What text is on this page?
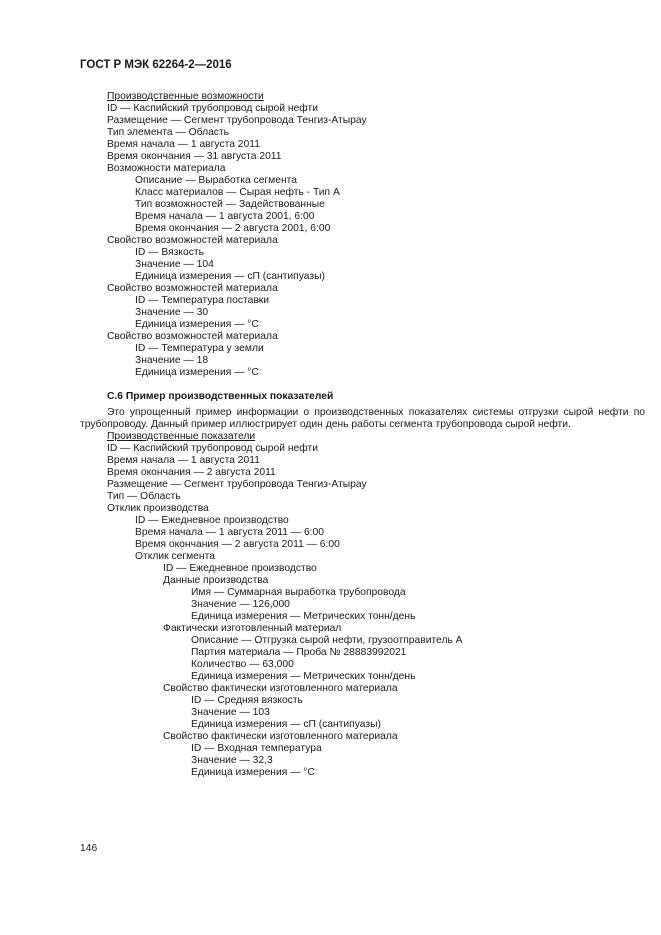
ГОСТ Р МЭК 62264-2—2016
Производственные возможности
ID — Каспийский трубопровод сырой нефти
Размещение — Сегмент трубопровода Тенгиз-Атырау
Тип элемента — Область
Время начала — 1 августа 2011
Время окончания — 31 августа 2011
Возможности материала
Описание — Выработка сегмента
Класс материалов — Сырая нефть - Тип A
Тип возможностей — Задействованные
Время начала — 1 августа 2001, 6:00
Время окончания — 2 августа 2001, 6:00
Свойство возможностей материала
ID — Вязкость
Значение — 104
Единица измерения — сП (сантипуазы)
Свойство возможностей материала
ID — Температура поставки
Значение — 30
Единица измерения — °C
Свойство возможностей материала
ID — Температура у земли
Значение — 18
Единица измерения — °C
С.6 Пример производственных показателей
Это упрощенный пример информации о производственных показателях системы отгрузки сырой нефти по
трубопроводу. Данный пример иллюстрирует один день работы сегмента трубопровода сырой нефти.
Производственные показатели
ID — Каспийский трубопровод сырой нефти
Время начала — 1 августа 2011
Время окончания — 2 августа 2011
Размещение — Сегмент трубопровода Тенгиз-Атырау
Тип — Область
Отклик производства
ID — Ежедневное производство
Время начала — 1 августа 2011 — 6:00
Время окончания — 2 августа 2011 — 6:00
Отклик сегмента
ID — Ежедневное производство
Данные производства
Имя — Суммарная выработка трубопровода
Значение — 126,000
Единица измерения — Метрических тонн/день
Фактически изготовленный материал
Описание — Отгрузка сырой нефти, грузоотправитель A
Партия материала — Проба № 28883992021
Количество — 63,000
Единица измерения — Метрических тонн/день
Свойство фактически изготовленного материала
ID — Средняя вязкость
Значение — 103
Единица измерения — сП (сантипуазы)
Свойство фактически изготовленного материала
ID — Входная температура
Значение — 32,3
Единица измерения — °C
146
